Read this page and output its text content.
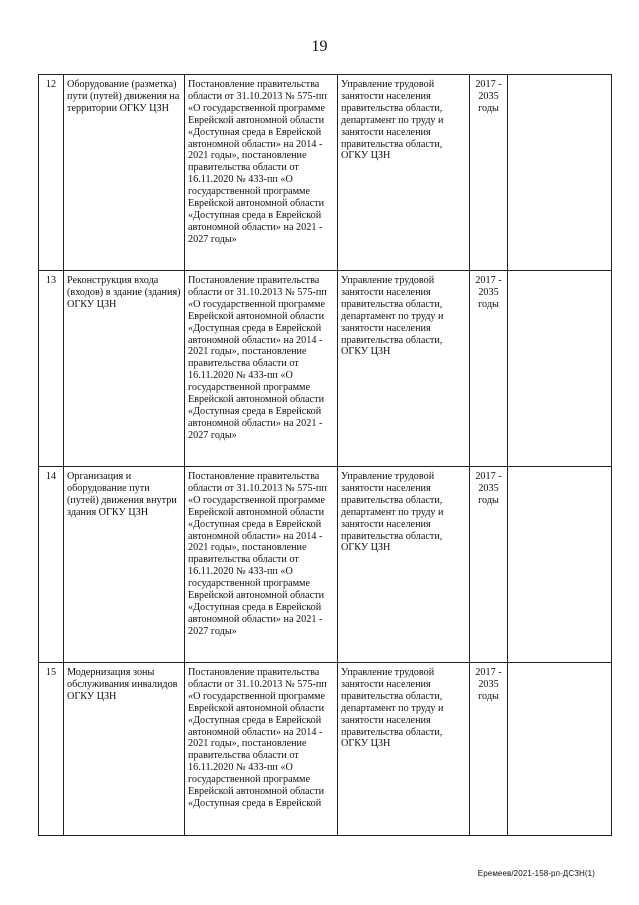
19
12	Оборудование (разметка) пути (путей) движения на территории ОГКУ ЦЗН	Постановление правительства области от 31.10.2013 № 575-пп «О государственной программе Еврейской автономной области «Доступная среда в Еврейской автономной области» на 2014 - 2021 годы», постановление правительства области от 16.11.2020 № 433-пп «О государственной программе Еврейской автономной области «Доступная среда в Еврейской автономной области» на 2021 - 2027 годы»	Управление трудовой занятости населения правительства области, департамент по труду и занятости населения правительства области, ОГКУ ЦЗН	2017 - 2035 годы	
13	Реконструкция входа (входов) в здание (здания) ОГКУ ЦЗН	Постановление правительства области от 31.10.2013 № 575-пп «О государственной программе Еврейской автономной области «Доступная среда в Еврейской автономной области» на 2014 - 2021 годы», постановление правительства области от 16.11.2020 № 433-пп «О государственной программе Еврейской автономной области «Доступная среда в Еврейской автономной области» на 2021 - 2027 годы»	Управление трудовой занятости населения правительства области, департамент по труду и занятости населения правительства области, ОГКУ ЦЗН	2017 - 2035 годы	
14	Организация и оборудование пути (путей) движения внутри здания ОГКУ ЦЗН	Постановление правительства области от 31.10.2013 № 575-пп «О государственной программе Еврейской автономной области «Доступная среда в Еврейской автономной области» на 2014 - 2021 годы», постановление правительства области от 16.11.2020 № 433-пп «О государственной программе Еврейской автономной области «Доступная среда в Еврейской автономной области» на 2021 - 2027 годы»	Управление трудовой занятости населения правительства области, департамент по труду и занятости населения правительства области, ОГКУ ЦЗН	2017 - 2035 годы	
15	Модернизация зоны обслуживания инвалидов ОГКУ ЦЗН	Постановление правительства области от 31.10.2013 № 575-пп «О государственной программе Еврейской автономной области «Доступная среда в Еврейской автономной области» на 2014 - 2021 годы», постановление правительства области от 16.11.2020 № 433-пп «О государственной программе Еврейской автономной области «Доступная среда в Еврейской	Управление трудовой занятости населения правительства области, департамент по труду и занятости населения правительства области, ОГКУ ЦЗН	2017 - 2035 годы	
Еремеев/2021-158-рп-ДСЗН(1)
